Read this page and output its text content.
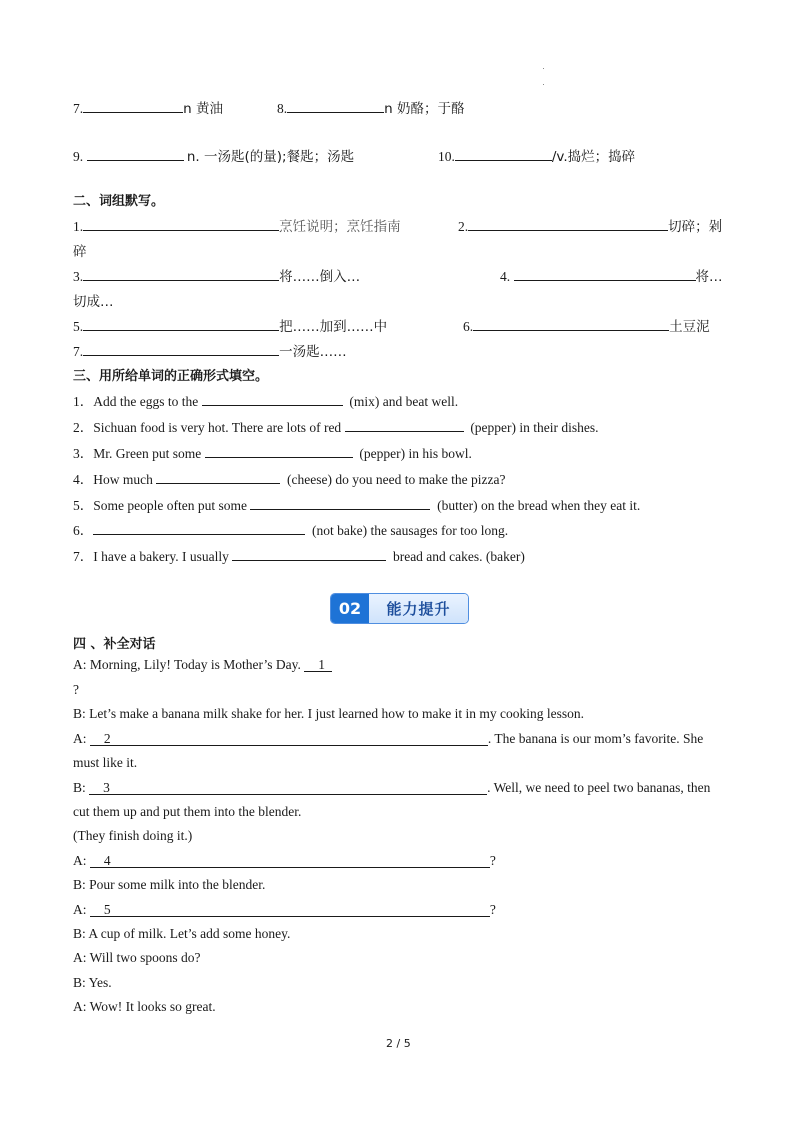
7.	n 黄油	8.	n 奶酪；于酪
9.	n. 一汤匙(的量);餐匙；汤匙	10.	/v.捣烂；捣碎
二、词组默写。
1.	烹饪说明；烹饪指南	2.	切碎；剁
碎
3.	将……倒入…	4.	将…
切成…
5.	把……加到……中	6.	土豆泥
7.	一汤匙……
三、用所给单词的正确形式填空。
1．Add the eggs to the	(mix) and beat well.
2．Sichuan food is very hot. There are lots of red	(pepper) in their dishes.
3．Mr. Green put some	(pepper) in his bowl.
4．How much	(cheese) do you need to make the pizza?
5．Some people often put some	(butter) on the bread when they eat it.
6．	(not bake) the sausages for too long.
7．I have a bakery. I usually	bread and cakes. (baker)
02	能力提升
四 、补全对话
A: Morning, Lily! Today is Mother’s Day. 1
?
B: Let’s make a banana milk shake for her. I just learned how to make it in my cooking lesson.
A: 2	. The banana is our mom’s favorite. She
must like it.
B: 3	. Well, we need to peel two bananas, then
cut them up and put them into the blender.
(They finish doing it.)
A: 4	?
B: Pour some milk into the blender.
A: 5	?
B: A cup of milk. Let’s add some honey.
A: Will two spoons do?
B: Yes.
A: Wow! It looks so great.
2 / 5
